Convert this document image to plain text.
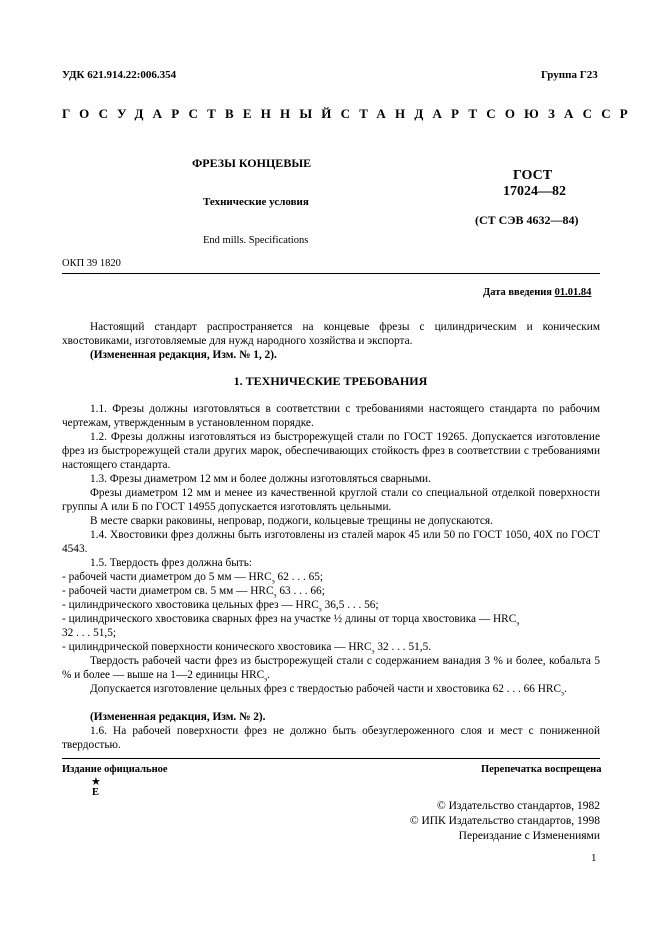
УДК 621.914.22:006.354	Группа Г23
ГОСУДАРСТВЕННЫЙ СТАНДАРТ СОЮЗА ССР
ФРЕЗЫ КОНЦЕВЫЕ
ГОСТ
17024—82
Технические условия
(СТ СЭВ 4632—84)
End mills. Specifications
ОКП 39 1820
Дата введения 01.01.84
Настоящий стандарт распространяется на концевые фрезы с цилиндрическим и коническим хвостовиками, изготовляемые для нужд народного хозяйства и экспорта.
(Измененная редакция, Изм. № 1, 2).
1. ТЕХНИЧЕСКИЕ ТРЕБОВАНИЯ
1.1. Фрезы должны изготовляться в соответствии с требованиями настоящего стандарта по рабочим чертежам, утвержденным в установленном порядке.
1.2. Фрезы должны изготовляться из быстрорежущей стали по ГОСТ 19265. Допускается изготовление фрез из быстрорежущей стали других марок, обеспечивающих стойкость фрез в соответствии с требованиями настоящего стандарта.
1.3. Фрезы диаметром 12 мм и более должны изготовляться сварными.
Фрезы диаметром 12 мм и менее из качественной круглой стали со специальной отделкой поверхности группы А или Б по ГОСТ 14955 допускается изготовлять цельными.
В месте сварки раковины, непровар, поджоги, кольцевые трещины не допускаются.
1.4. Хвостовики фрез должны быть изготовлены из сталей марок 45 или 50 по ГОСТ 1050, 40Х по ГОСТ 4543.
1.5. Твердость фрез должна быть:
- рабочей части диаметром до 5 мм — $HRC_э$ 62 . . . 65;
- рабочей части диаметром св. 5 мм — $HRC_э$ 63 . . . 66;
- цилиндрического хвостовика цельных фрез — $HRC_э$ 36,5 . . . 56;
- цилиндрического хвостовика сварных фрез на участке ½ длины от торца хвостовика — $HRC_э$
32 . . . 51,5;
- цилиндрической поверхности конического хвостовика — $HRC_э$ 32 . . . 51,5.
Твердость рабочей части фрез из быстрорежущей стали с содержанием ванадия 3 % и более, кобальта 5 % и более — выше на 1—2 единицы $HRC_э$.
Допускается изготовление цельных фрез с твердостью рабочей части и хвостовика 62 . . . 66 $HRC_э$.
(Измененная редакция, Изм. № 2).
1.6. На рабочей поверхности фрез не должно быть обезуглероженного слоя и мест с пониженной твердостью.
Издание официальное	Перепечатка воспрещена
★
Е
© Издательство стандартов, 1982
© ИПК Издательство стандартов, 1998
Переиздание с Изменениями
1
